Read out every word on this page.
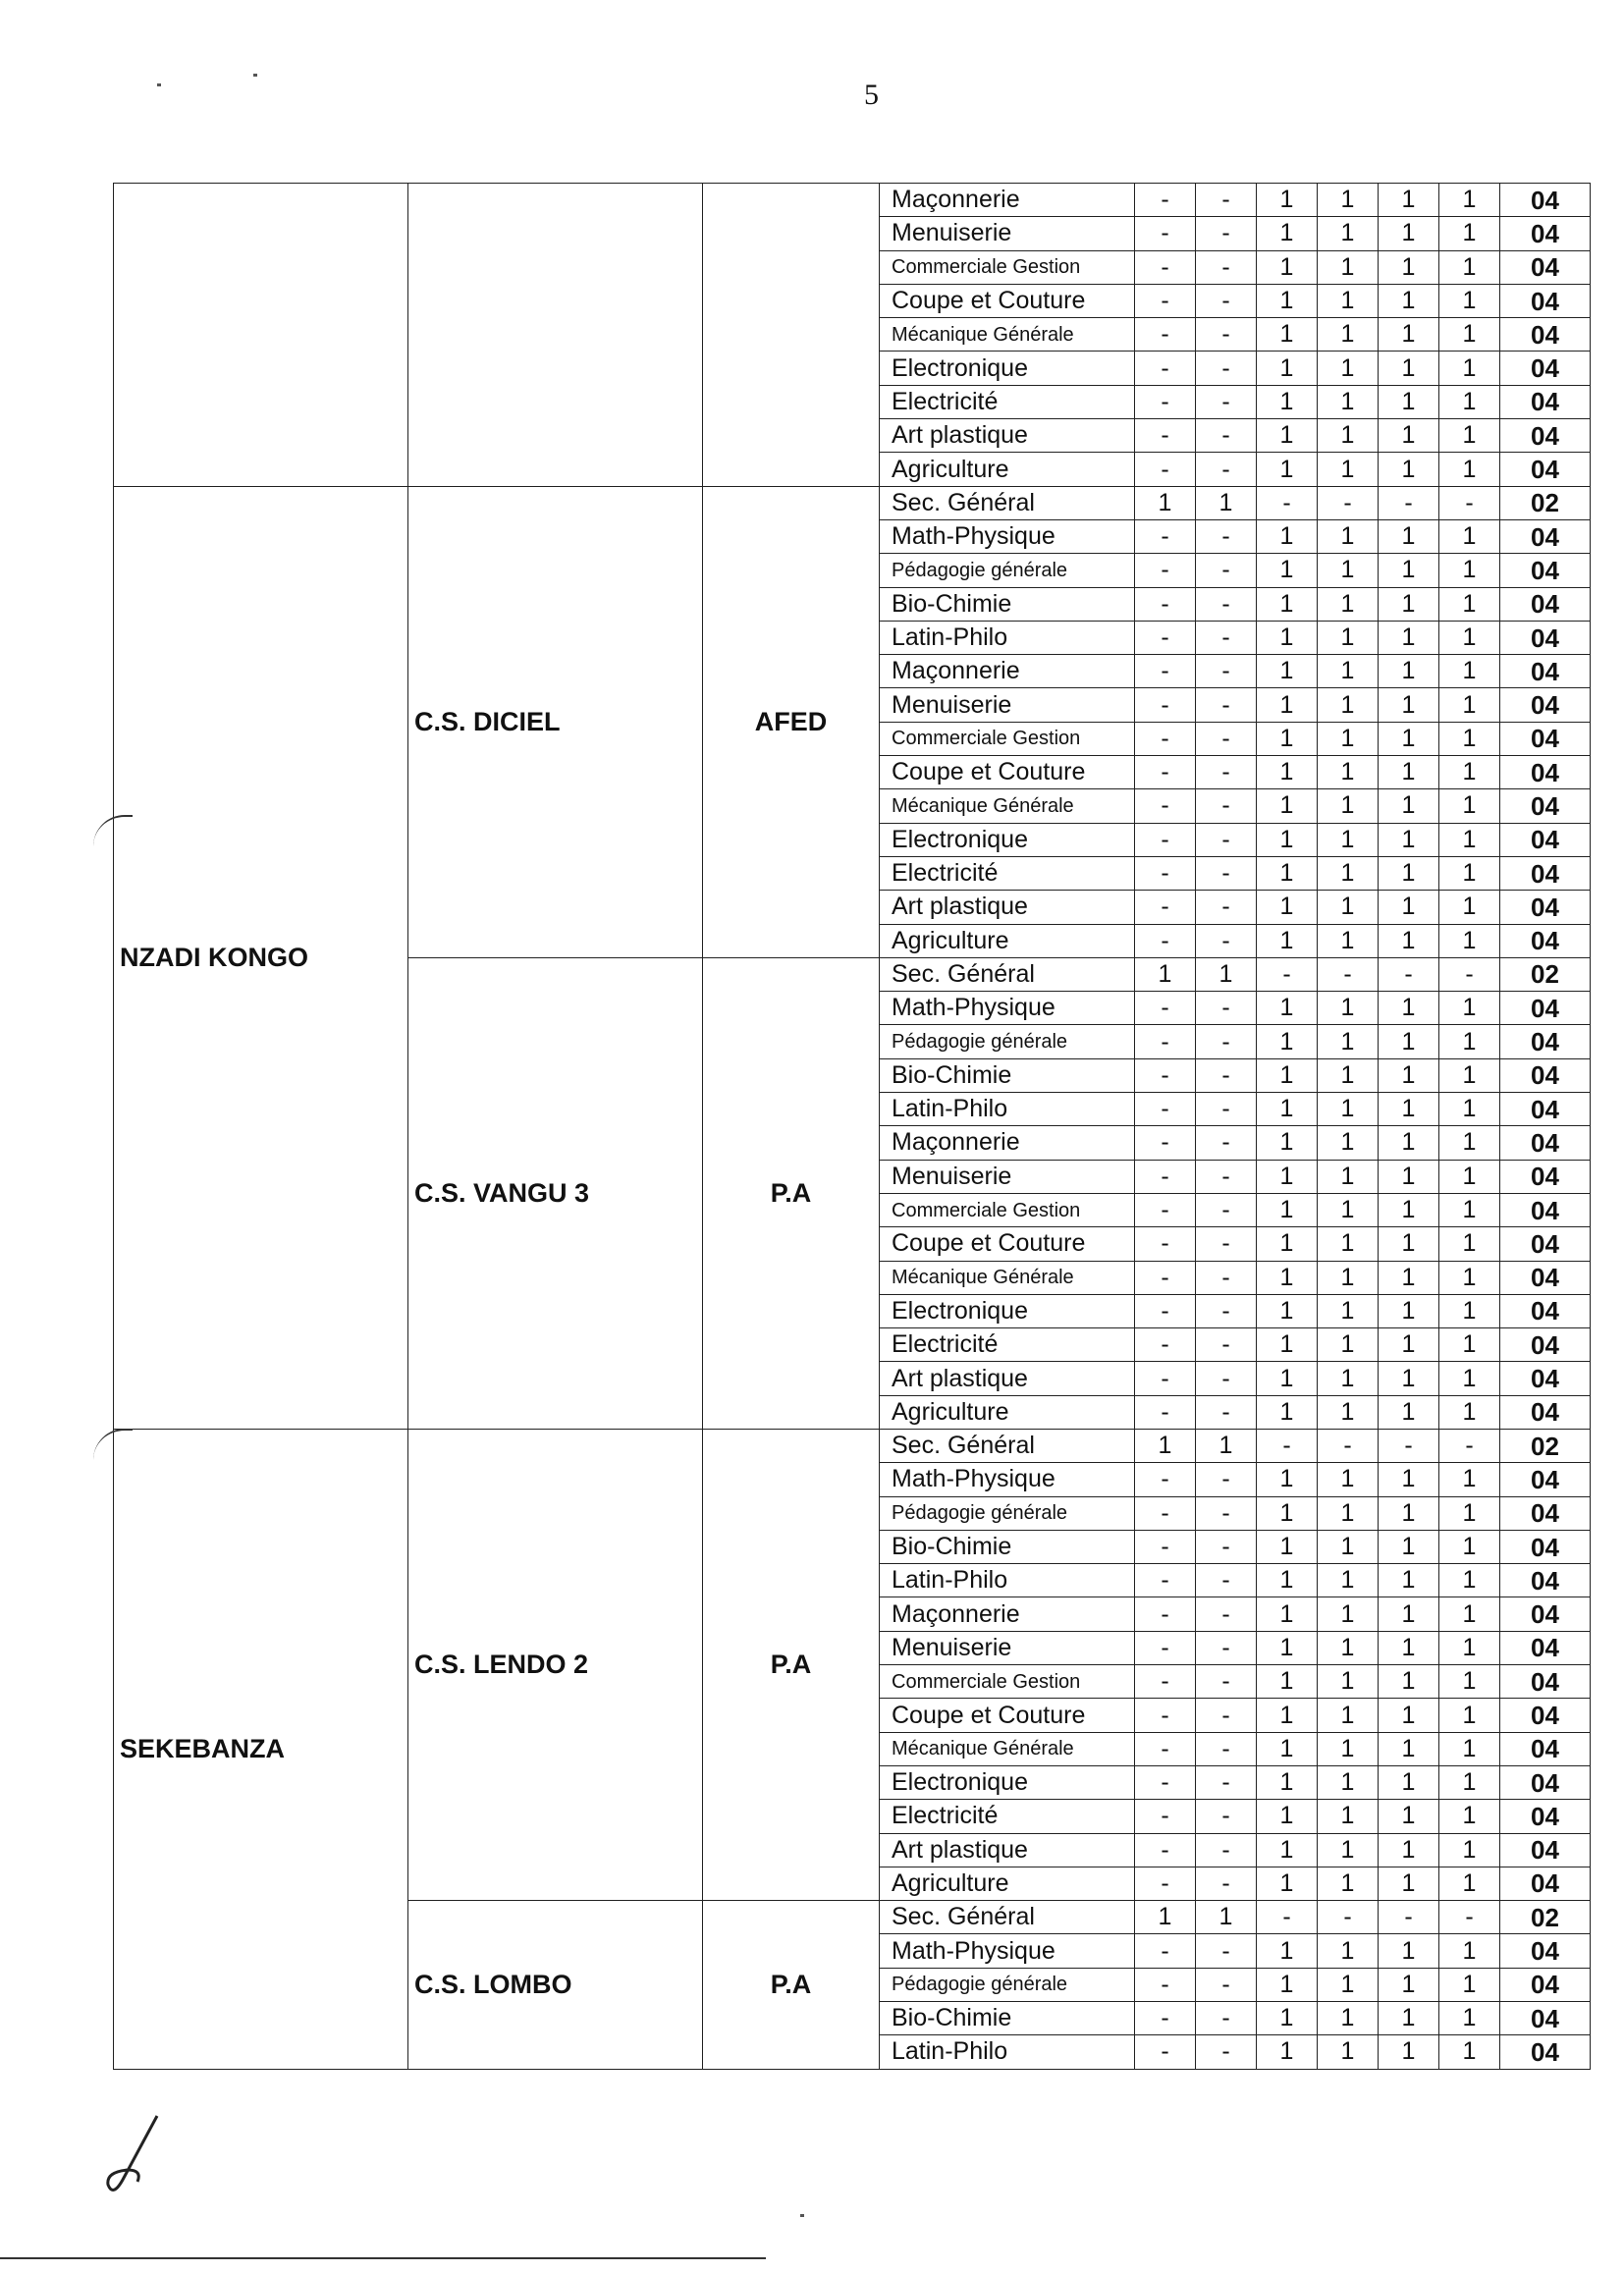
5
			Maçonnerie	-	-	1	1	1	1	04
			Menuiserie	-	-	1	1	1	1	04
			Commerciale Gestion	-	-	1	1	1	1	04
			Coupe et Couture	-	-	1	1	1	1	04
			Mécanique Générale	-	-	1	1	1	1	04
			Electronique	-	-	1	1	1	1	04
			Electricité	-	-	1	1	1	1	04
			Art plastique	-	-	1	1	1	1	04
			Agriculture	-	-	1	1	1	1	04
NZADI KONGO	C.S. DICIEL	AFED	Sec. Général	1	1	-	-	-	-	02
			Math-Physique	-	-	1	1	1	1	04
			Pédagogie générale	-	-	1	1	1	1	04
			Bio-Chimie	-	-	1	1	1	1	04
			Latin-Philo	-	-	1	1	1	1	04
			Maçonnerie	-	-	1	1	1	1	04
			Menuiserie	-	-	1	1	1	1	04
			Commerciale Gestion	-	-	1	1	1	1	04
			Coupe et Couture	-	-	1	1	1	1	04
			Mécanique Générale	-	-	1	1	1	1	04
			Electronique	-	-	1	1	1	1	04
			Electricité	-	-	1	1	1	1	04
			Art plastique	-	-	1	1	1	1	04
			Agriculture	-	-	1	1	1	1	04
	C.S. VANGU 3	P.A	Sec. Général	1	1	-	-	-	-	02
			Math-Physique	-	-	1	1	1	1	04
			Pédagogie générale	-	-	1	1	1	1	04
			Bio-Chimie	-	-	1	1	1	1	04
			Latin-Philo	-	-	1	1	1	1	04
			Maçonnerie	-	-	1	1	1	1	04
			Menuiserie	-	-	1	1	1	1	04
			Commerciale Gestion	-	-	1	1	1	1	04
			Coupe et Couture	-	-	1	1	1	1	04
			Mécanique Générale	-	-	1	1	1	1	04
			Electronique	-	-	1	1	1	1	04
			Electricité	-	-	1	1	1	1	04
			Art plastique	-	-	1	1	1	1	04
			Agriculture	-	-	1	1	1	1	04
SEKEBANZA	C.S. LENDO 2	P.A	Sec. Général	1	1	-	-	-	-	02
			Math-Physique	-	-	1	1	1	1	04
			Pédagogie générale	-	-	1	1	1	1	04
			Bio-Chimie	-	-	1	1	1	1	04
			Latin-Philo	-	-	1	1	1	1	04
			Maçonnerie	-	-	1	1	1	1	04
			Menuiserie	-	-	1	1	1	1	04
			Commerciale Gestion	-	-	1	1	1	1	04
			Coupe et Couture	-	-	1	1	1	1	04
			Mécanique Générale	-	-	1	1	1	1	04
			Electronique	-	-	1	1	1	1	04
			Electricité	-	-	1	1	1	1	04
			Art plastique	-	-	1	1	1	1	04
			Agriculture	-	-	1	1	1	1	04
	C.S. LOMBO	P.A	Sec. Général	1	1	-	-	-	-	02
			Math-Physique	-	-	1	1	1	1	04
			Pédagogie générale	-	-	1	1	1	1	04
			Bio-Chimie	-	-	1	1	1	1	04
			Latin-Philo	-	-	1	1	1	1	04
